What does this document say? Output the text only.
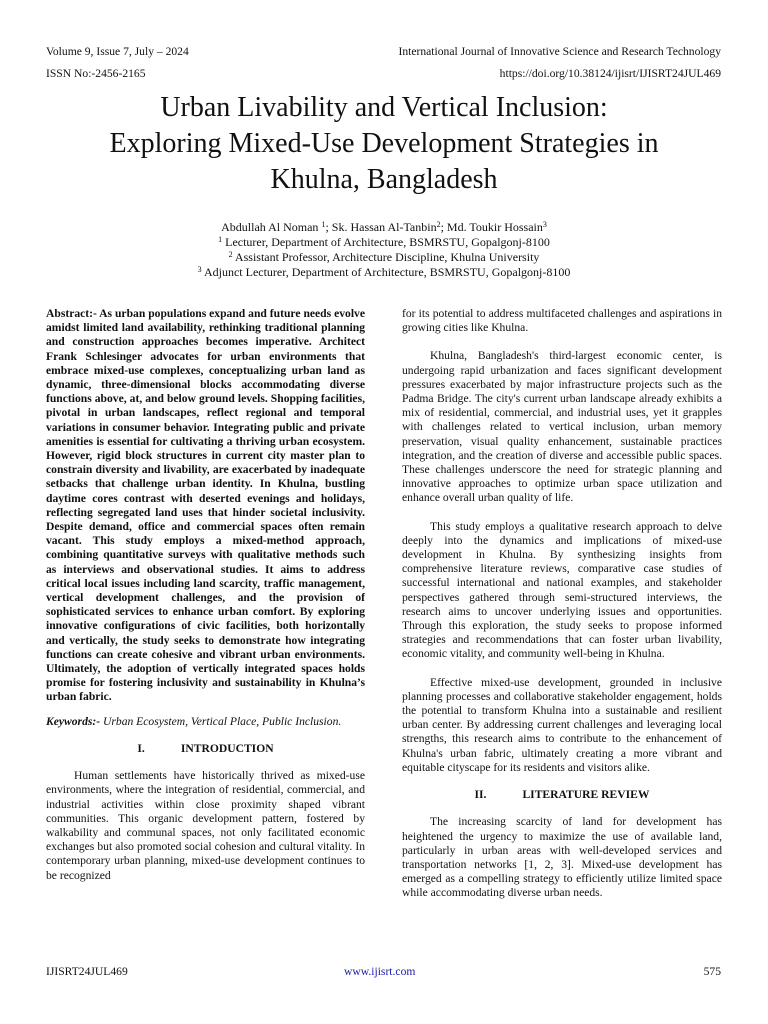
Volume 9, Issue 7, July – 2024	International Journal of Innovative Science and Research Technology
ISSN No:-2456-2165	https://doi.org/10.38124/ijisrt/IJISRT24JUL469
Urban Livability and Vertical Inclusion:
Exploring Mixed-Use Development Strategies in
Khulna, Bangladesh
Abdullah Al Noman $^1$; Sk. Hassan Al-Tanbin$^2$; Md. Toukir Hossain$^3$
$^1$ Lecturer, Department of Architecture, BSMRSTU, Gopalgonj-8100
$^2$ Assistant Professor, Architecture Discipline, Khulna University
$^3$ Adjunct Lecturer, Department of Architecture, BSMRSTU, Gopalgonj-8100

Abstract:- As urban populations expand and future needs evolve amidst limited land availability, rethinking traditional planning and construction approaches becomes imperative. Architect Frank Schlesinger advocates for urban environments that embrace mixed-use complexes, conceptualizing urban land as dynamic, three-dimensional blocks accommodating diverse functions above, at, and below ground levels. Shopping facilities, pivotal in urban landscapes, reflect regional and temporal variations in consumer behavior. Integrating public and private amenities is essential for cultivating a thriving urban ecosystem. However, rigid block structures in current city master plan to constrain diversity and livability, are exacerbated by inadequate setbacks that challenge urban identity. In Khulna, bustling daytime cores contrast with deserted evenings and holidays, reflecting segregated land uses that hinder societal inclusivity. Despite demand, office and commercial spaces often remain vacant. This study employs a mixed-method approach, combining quantitative surveys with qualitative methods such as interviews and observational studies. It aims to address critical local issues including land scarcity, traffic management, vertical development challenges, and the provision of sophisticated services to enhance urban comfort. By exploring innovative configurations of civic facilities, both horizontally and vertically, the study seeks to demonstrate how integrating functions can create cohesive and vibrant urban environments. Ultimately, the adoption of vertically integrated spaces holds promise for fostering inclusivity and sustainability in Khulna’s urban fabric.

Keywords:- Urban Ecosystem, Vertical Place, Public Inclusion.

I.	INTRODUCTION

Human settlements have historically thrived as mixed-use environments, where the integration of residential, commercial, and industrial activities within close proximity shaped vibrant communities. This organic development pattern, fostered by walkability and communal spaces, not only facilitated economic exchanges but also promoted social cohesion and cultural vitality. In contemporary urban planning, mixed-use development continues to be recognized

for its potential to address multifaceted challenges and aspirations in growing cities like Khulna.

Khulna, Bangladesh's third-largest economic center, is undergoing rapid urbanization and faces significant development pressures exacerbated by major infrastructure projects such as the Padma Bridge. The city's current urban landscape already exhibits a mix of residential, commercial, and industrial uses, yet it grapples with challenges related to vertical inclusion, urban memory preservation, visual quality enhancement, sustainable practices integration, and the creation of diverse and accessible public spaces. These challenges underscore the need for strategic planning and innovative approaches to optimize urban space utilization and enhance overall urban quality of life.

This study employs a qualitative research approach to delve deeply into the dynamics and implications of mixed-use development in Khulna. By synthesizing insights from comprehensive literature reviews, comparative case studies of successful international and national examples, and stakeholder perspectives gathered through semi-structured interviews, the research aims to uncover underlying issues and opportunities. Through this exploration, the study seeks to propose informed strategies and recommendations that can foster urban livability, economic vitality, and community well-being in Khulna.

Effective mixed-use development, grounded in inclusive planning processes and collaborative stakeholder engagement, holds the potential to transform Khulna into a sustainable and resilient urban center. By addressing current challenges and leveraging local strengths, this research aims to contribute to the enhancement of Khulna's urban fabric, ultimately creating a more vibrant and equitable cityscape for its residents and visitors alike.

II.	LITERATURE REVIEW

The increasing scarcity of land for development has heightened the urgency to maximize the use of available land, particularly in urban areas with well-developed services and transportation networks [1, 2, 3]. Mixed-use development has emerged as a compelling strategy to efficiently utilize limited space while accommodating diverse urban needs.

IJISRT24JUL469	www.ijisrt.com	575
